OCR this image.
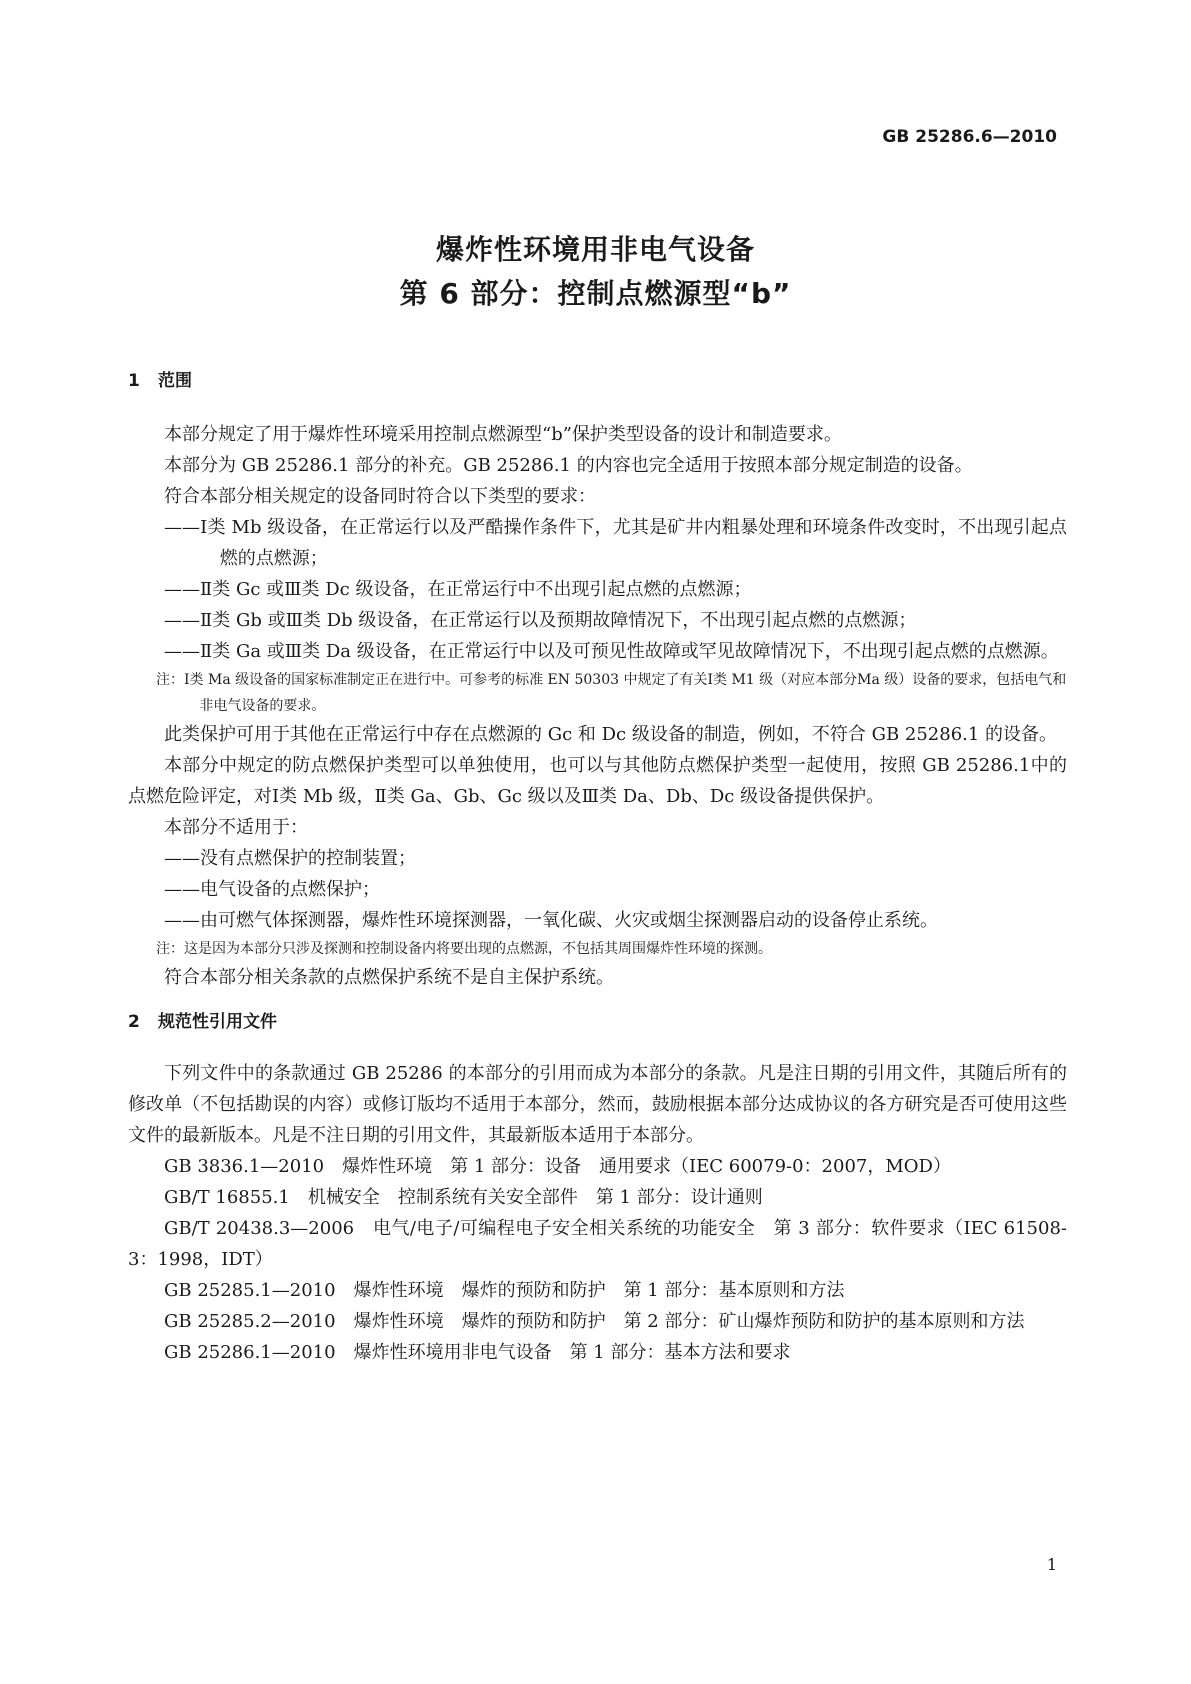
GB 25286.6—2010

爆炸性环境用非电气设备
第 6 部分：控制点燃源型“b”
1 范围

本部分规定了用于爆炸性环境采用控制点燃源型“b”保护类型设备的设计和制造要求。

本部分为 GB 25286.1 部分的补充。GB 25286.1 的内容也完全适用于按照本部分规定制造的设备。

符合本部分相关规定的设备同时符合以下类型的要求：

——Ⅰ类 Mb 级设备，在正常运行以及严酷操作条件下，尤其是矿井内粗暴处理和环境条件改变时，不出现引起点燃的点燃源；

——Ⅱ类 Gc 或Ⅲ类 Dc 级设备，在正常运行中不出现引起点燃的点燃源；

——Ⅱ类 Gb 或Ⅲ类 Db 级设备，在正常运行以及预期故障情况下，不出现引起点燃的点燃源；

——Ⅱ类 Ga 或Ⅲ类 Da 级设备，在正常运行中以及可预见性故障或罕见故障情况下，不出现引起点燃的点燃源。

注：Ⅰ类 Ma 级设备的国家标准制定正在进行中。可参考的标准 EN 50303 中规定了有关Ⅰ类 M1 级（对应本部分Ma 级）设备的要求，包括电气和非电气设备的要求。

此类保护可用于其他在正常运行中存在点燃源的 Gc 和 Dc 级设备的制造，例如，不符合 GB 25286.1 的设备。

本部分中规定的防点燃保护类型可以单独使用，也可以与其他防点燃保护类型一起使用，按照 GB 25286.1中的点燃危险评定，对Ⅰ类 Mb 级，Ⅱ类 Ga、Gb、Gc 级以及Ⅲ类 Da、Db、Dc 级设备提供保护。

本部分不适用于：

——没有点燃保护的控制装置；

——电气设备的点燃保护；

——由可燃气体探测器，爆炸性环境探测器，一氧化碳、火灾或烟尘探测器启动的设备停止系统。

注：这是因为本部分只涉及探测和控制设备内将要出现的点燃源，不包括其周围爆炸性环境的探测。

符合本部分相关条款的点燃保护系统不是自主保护系统。

2 规范性引用文件

下列文件中的条款通过 GB 25286 的本部分的引用而成为本部分的条款。凡是注日期的引用文件，其随后所有的修改单（不包括勘误的内容）或修订版均不适用于本部分，然而，鼓励根据本部分达成协议的各方研究是否可使用这些文件的最新版本。凡是不注日期的引用文件，其最新版本适用于本部分。

GB 3836.1—2010　爆炸性环境　第 1 部分：设备　通用要求（IEC 60079-0：2007，MOD）

GB/T 16855.1　机械安全　控制系统有关安全部件　第 1 部分：设计通则

GB/T 20438.3—2006　电气/电子/可编程电子安全相关系统的功能安全　第 3 部分：软件要求（IEC 61508-3：1998，IDT）

GB 25285.1—2010　爆炸性环境　爆炸的预防和防护　第 1 部分：基本原则和方法

GB 25285.2—2010　爆炸性环境　爆炸的预防和防护　第 2 部分：矿山爆炸预防和防护的基本原则和方法

GB 25286.1—2010　爆炸性环境用非电气设备　第 1 部分：基本方法和要求

1
